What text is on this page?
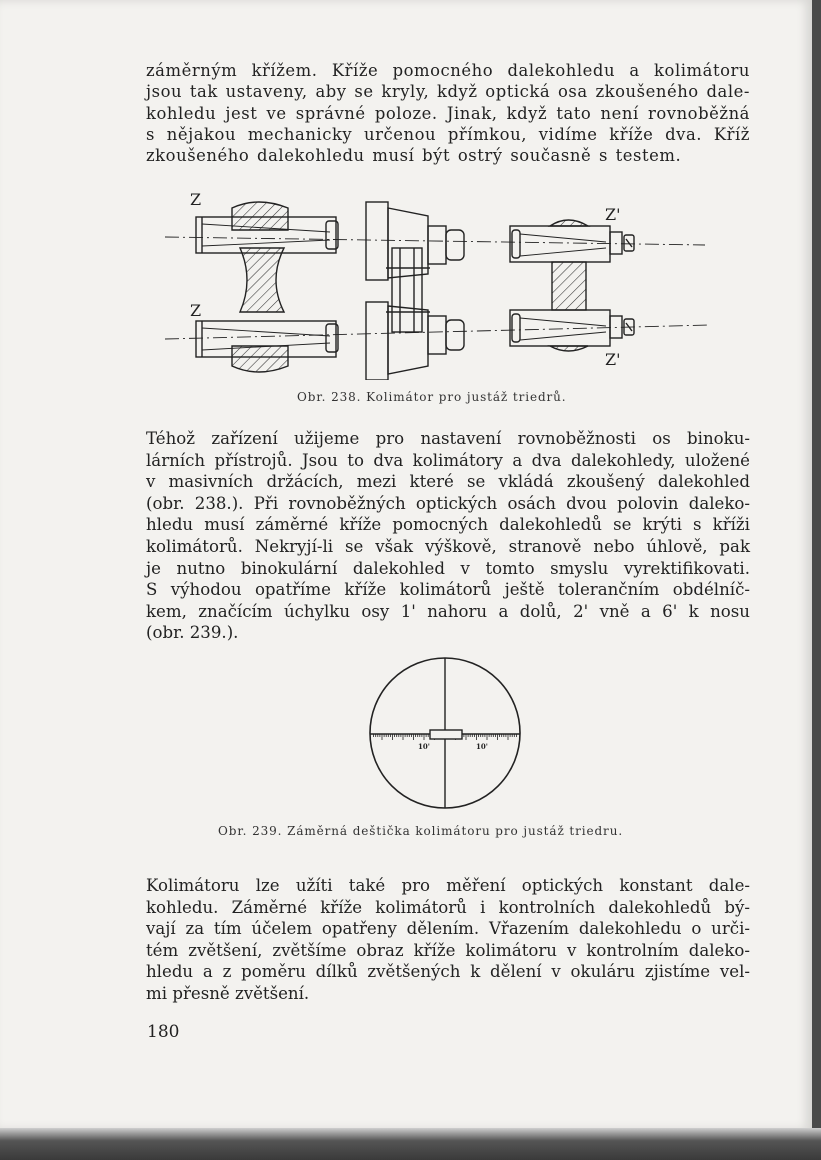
záměrným křížem. Kříže pomocného dalekohledu a kolimátoru
jsou tak ustaveny, aby se kryly, když optická osa zkoušeného dale-
kohledu jest ve správné poloze. Jinak, když tato není rovnoběžná
s nějakou mechanicky určenou přímkou, vidíme kříže dva. Kříž
zkoušeného dalekohledu musí být ostrý současně s testem.
Z
Z
Z'
Z'
Obr. 238. Kolimátor pro justáž triedrů.
Téhož zařízení užijeme pro nastavení rovnoběžnosti os binoku-
lárních přístrojů. Jsou to dva kolimátory a dva dalekohledy, uložené
v masivních držácích, mezi které se vkládá zkoušený dalekohled
(obr. 238.). Při rovnoběžných optických osách dvou polovin daleko-
hledu musí záměrné kříže pomocných dalekohledů se krýti s kříži
kolimátorů. Nekryjí-li se však výškově, stranově nebo úhlově, pak
je nutno binokulární dalekohled v tomto smyslu vyrektifikovati.
S výhodou opatříme kříže kolimátorů ještě tolerančním obdélníč-
kem, značícím úchylku osy 1' nahoru a dolů, 2' vně a 6' k nosu
(obr. 239.).
10'	10'
Obr. 239. Záměrná deštička kolimátoru pro justáž triedru.
Kolimátoru lze užíti také pro měření optických konstant dale-
kohledu. Záměrné kříže kolimátorů i kontrolních dalekohledů bý-
vají za tím účelem opatřeny dělením. Vřazením dalekohledu o urči-
tém zvětšení, zvětšíme obraz kříže kolimátoru v kontrolním daleko-
hledu a z poměru dílků zvětšených k dělení v okuláru zjistíme vel-
mi přesně zvětšení.
180
